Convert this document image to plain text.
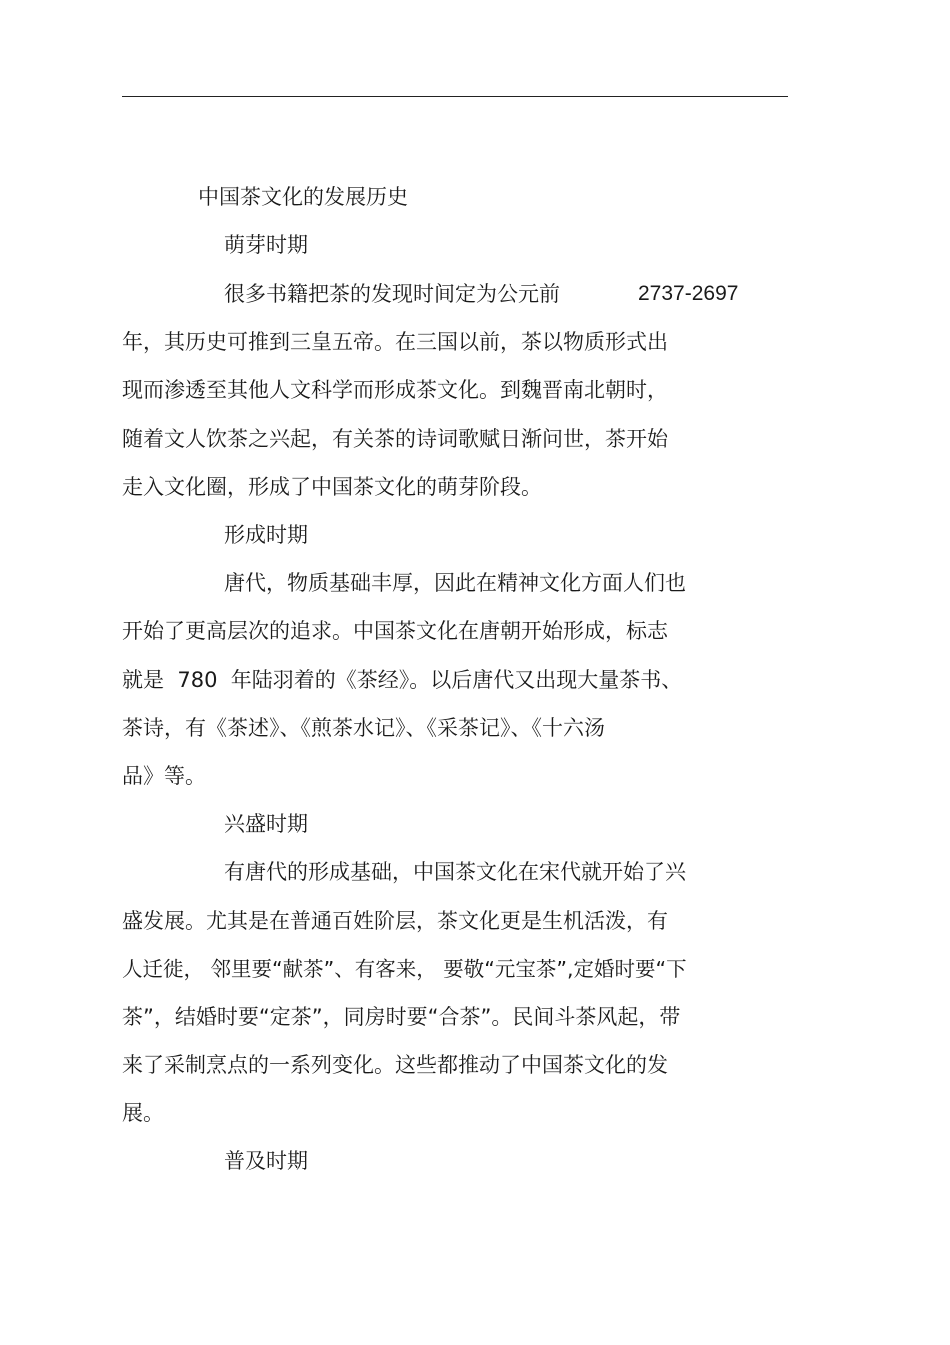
中国茶文化的发展历史
萌芽时期
很多书籍把茶的发现时间定为公元前	2737-2697
年，其历史可推到三皇五帝。在三国以前，茶以物质形式出
现而渗透至其他人文科学而形成茶文化。到魏晋南北朝时，
随着文人饮茶之兴起，有关茶的诗词歌赋日渐问世，茶开始
走入文化圈，形成了中国茶文化的萌芽阶段。
形成时期
唐代，物质基础丰厚，因此在精神文化方面人们也
开始了更高层次的追求。中国茶文化在唐朝开始形成，标志
就是  780  年陆羽着的《茶经》。以后唐代又出现大量茶书、
茶诗，有《茶述》、《煎茶水记》、《采茶记》、《十六汤
品》等。
兴盛时期
有唐代的形成基础，中国茶文化在宋代就开始了兴
盛发展。尤其是在普通百姓阶层，茶文化更是生机活泼，有
人迁徙， 邻里要“献茶”、有客来， 要敬“元宝茶”,定婚时要“下
茶”，结婚时要“定茶”，同房时要“合茶”。民间斗茶风起，带
来了采制烹点的一系列变化。这些都推动了中国茶文化的发
展。
普及时期
